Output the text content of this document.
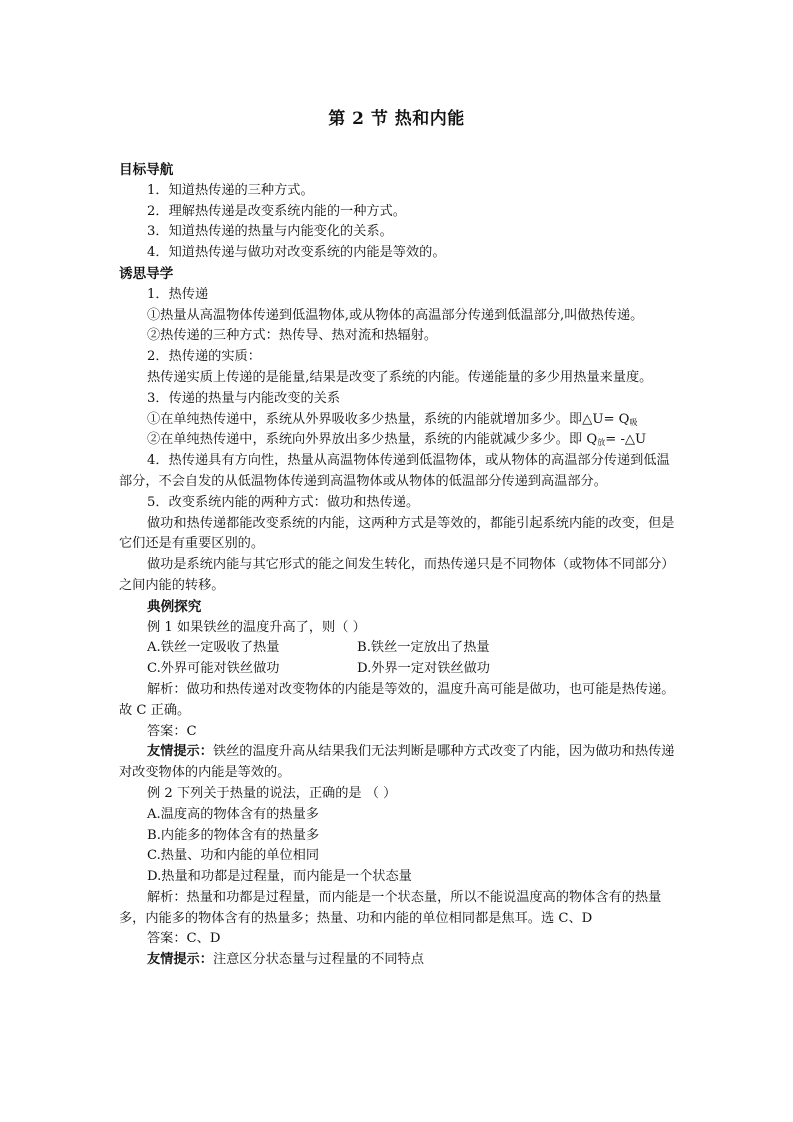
第 2 节 热和内能
目标导航
1．知道热传递的三种方式。
2．理解热传递是改变系统内能的一种方式。
3．知道热传递的热量与内能变化的关系。
4．知道热传递与做功对改变系统的内能是等效的。
诱思导学
1．热传递
①热量从高温物体传递到低温物体,或从物体的高温部分传递到低温部分,叫做热传递。
②热传递的三种方式：热传导、热对流和热辐射。
2．热传递的实质：
热传递实质上传递的是能量,结果是改变了系统的内能。传递能量的多少用热量来量度。
3．传递的热量与内能改变的关系
①在单纯热传递中，系统从外界吸收多少热量，系统的内能就增加多少。即△U= $Q_吸$
②在单纯热传递中，系统向外界放出多少热量，系统的内能就减少多少。即 $Q_放=$ -△U
4．热传递具有方向性，热量从高温物体传递到低温物体，或从物体的高温部分传递到低温部分，不会自发的从低温物体传递到高温物体或从物体的低温部分传递到高温部分。
5．改变系统内能的两种方式：做功和热传递。
做功和热传递都能改变系统的内能，这两种方式是等效的，都能引起系统内能的改变，但是它们还是有重要区别的。
做功是系统内能与其它形式的能之间发生转化，而热传递只是不同物体（或物体不同部分）之间内能的转移。
典例探究
例 1 如果铁丝的温度升高了，则（ ）
A.铁丝一定吸收了热量	B.铁丝一定放出了热量
C.外界可能对铁丝做功	D.外界一定对铁丝做功
解析：做功和热传递对改变物体的内能是等效的，温度升高可能是做功，也可能是热传递。故 C 正确。
答案：C
友情提示：铁丝的温度升高从结果我们无法判断是哪种方式改变了内能，因为做功和热传递对改变物体的内能是等效的。
例 2 下列关于热量的说法，正确的是 （ ）
A.温度高的物体含有的热量多
B.内能多的物体含有的热量多
C.热量、功和内能的单位相同
D.热量和功都是过程量，而内能是一个状态量
解析：热量和功都是过程量，而内能是一个状态量，所以不能说温度高的物体含有的热量多，内能多的物体含有的热量多；热量、功和内能的单位相同都是焦耳。选 C、D
答案：C、D
友情提示：注意区分状态量与过程量的不同特点
